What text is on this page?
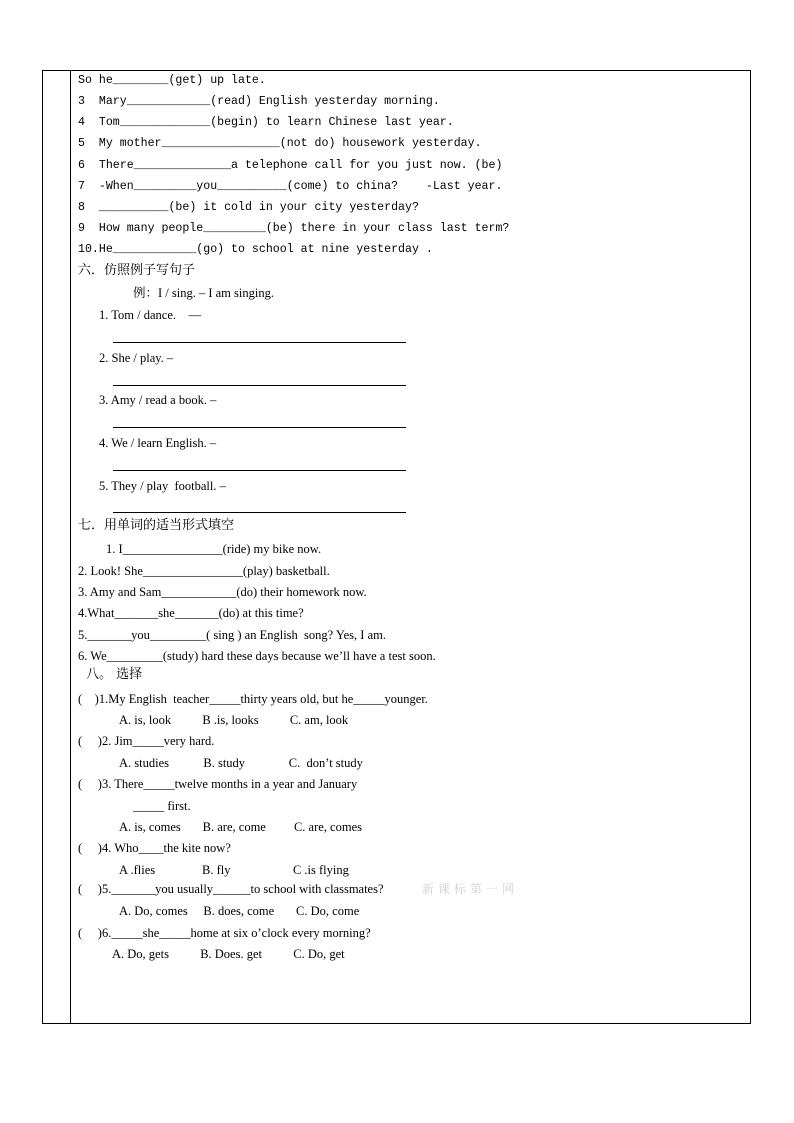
So he________(get) up late.
3  Mary____________(read) English yesterday morning.
4  Tom_____________(begin) to learn Chinese last year.
5  My mother_________________(not do) housework yesterday.
6  There______________a telephone call for you just now. (be)
7  -When_________you__________(come) to china?    -Last year.
8  __________(be) it cold in your city yesterday?
9  How many people_________(be) there in your class last term?
10.He____________(go) to school at nine yesterday .
六．仿照例子写句子
例：I / sing. – I am singing.
1. Tom / dance.    —
2. She / play. –
3. Amy / read a book. –
4. We / learn English. –
5. They / play  football. –
七．用单词的适当形式填空
1. I________________(ride) my bike now.
2. Look! She________________(play) basketball.
3. Amy and Sam____________(do) their homework now.
4.What_______she_______(do) at this time?
5._______you_________( sing ) an English  song? Yes, I am.
6. We_________(study) hard these days because we’ll have a test soon.
八。 选择
(    )1.My English  teacher_____thirty years old, but he_____younger.
A. is, look          B .is, looks          C. am, look
(     )2. Jim_____very hard.
A. studies           B. study              C.  don’t study
(     )3. There_____twelve months in a year and January
_____ first.
A. is, comes       B. are, come         C. are, comes
(     )4. Who____the kite now?
A .flies               B. fly                    C .is flying
(     )5._______you usually______to school with classmates?	新课标第一网
A. Do, comes     B. does, come       C. Do, come
(     )6._____she_____home at six o’clock every morning?
A. Do, gets          B. Does. get          C. Do, get
